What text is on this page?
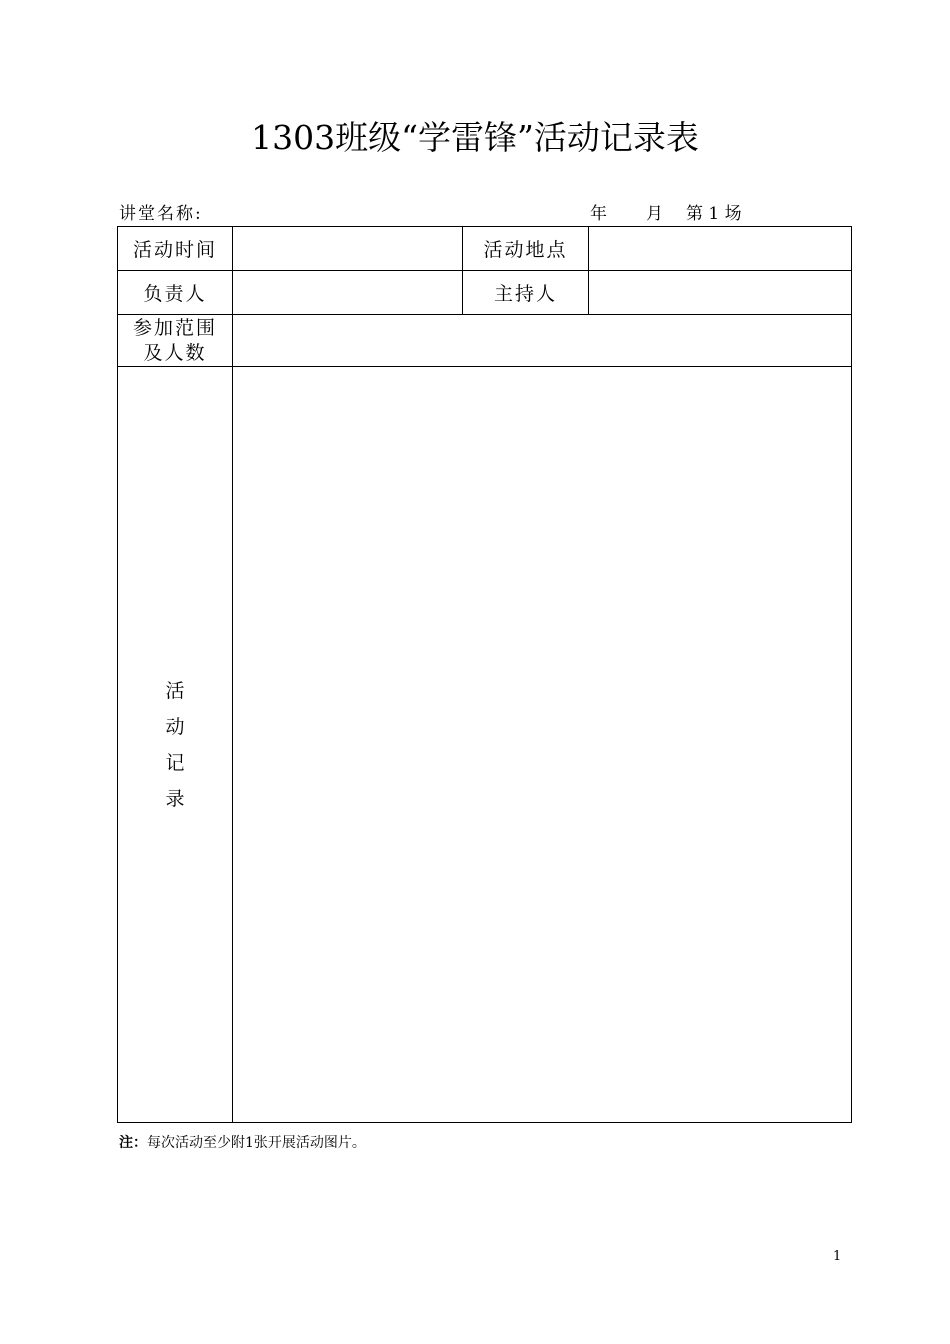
1303班级“学雷锋”活动记录表
讲堂名称:	年 月 第 1 场
活动时间		活动地点	
负责人		主持人	

参加范围
及人数			

活动记录			
注：每次活动至少附1张开展活动图片。
1
